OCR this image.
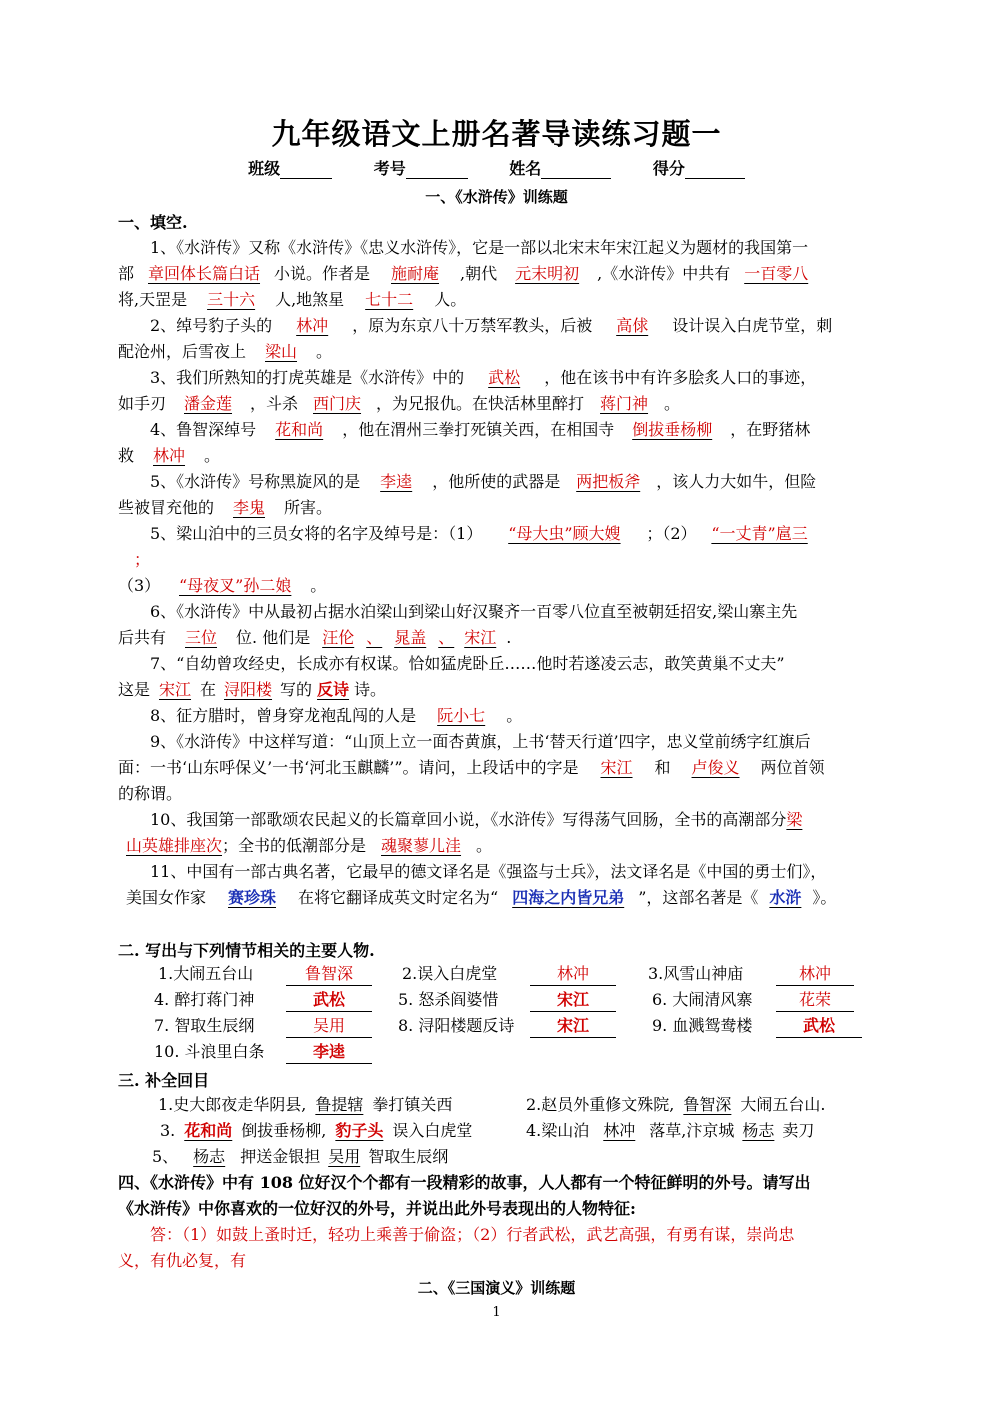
九年级语文上册名著导读练习题一
班级	考号	姓名	得分
一、《水浒传》训练题
一、填空.
1、《水浒传》又称《水浒传》《忠义水浒传》，它是一部以北宋末年宋江起义为题材的我国第一
部 章回体长篇白话 小说。作者是 施耐庵 ,朝代 元末明初 ,《水浒传》中共有 一百零八
将,天罡是 三十六 人,地煞星 七十二 人。
2、绰号豹子头的 林冲 ，原为东京八十万禁军教头，后被 高俅 设计误入白虎节堂，刺
配沧州，后雪夜上 梁山 。
3、我们所熟知的打虎英雄是《水浒传》中的 武松 ，他在该书中有许多脍炙人口的事迹，
如手刃 潘金莲 ，斗杀 西门庆 ，为兄报仇。在快活林里醉打 蒋门神 。
4、鲁智深绰号 花和尚 ，他在渭州三拳打死镇关西，在相国寺 倒拔垂杨柳 ，在野猪林
救 林冲 。
5、《水浒传》号称黑旋风的是 李逵 ，他所使的武器是 两把板斧 ，该人力大如牛，但险
些被冒充他的 李鬼 所害。
5、梁山泊中的三员女将的名字及绰号是：（1） “母大虫”顾大嫂 ；（2） “一丈青”扈三
；
（3） “母夜叉”孙二娘 。
6、《水浒传》中从最初占据水泊梁山到梁山好汉聚齐一百零八位直至被朝廷招安,梁山寨主先
后共有 三位 位. 他们是 汪伦 、 晁盖 、 宋江 .
7、“自幼曾攻经史，长成亦有权谋。恰如猛虎卧丘……他时若遂凌云志，敢笑黄巢不丈夫”
这是 宋江 在 浔阳楼 写的 反诗 诗。
8、征方腊时，曾身穿龙袍乱闯的人是 阮小七 。
9、《水浒传》中这样写道：“山顶上立一面杏黄旗，上书‘替天行道’四字，忠义堂前绣字红旗后
面：一书‘山东呼保义’一书‘河北玉麒麟’”。请问，上段话中的字是 宋江 和 卢俊义 两位首领
的称谓。
10、我国第一部歌颂农民起义的长篇章回小说，《水浒传》写得荡气回肠，全书的高潮部分梁
山英雄排座次；全书的低潮部分是 魂聚蓼儿洼 。
11、中国有一部古典名著，它最早的德文译名是《强盗与士兵》，法文译名是《中国的勇士们》，
美国女作家 赛珍珠 在将它翻译成英文时定名为“ 四海之内皆兄弟 ”，这部名著是《 水浒 》。
二. 写出与下列情节相关的主要人物.
1.大闹五台山	鲁智深	2.误入白虎堂	林冲	3.风雪山神庙	林冲
4. 醉打蒋门神	武松	5. 怒杀阎婆惜	宋江	6. 大闹清风寨	花荣
7. 智取生辰纲	吴用	8. 浔阳楼题反诗	宋江	9. 血溅鸳鸯楼	武松
10. 斗浪里白条	李逵
三. 补全回目
1.史大郎夜走华阴县, 鲁提辖 拳打镇关西	2.赵员外重修文殊院, 鲁智深 大闹五台山.
3. 花和尚 倒拔垂杨柳, 豹子头 误入白虎堂	4.梁山泊 林冲 落草,汴京城 杨志 卖刀
5、 杨志 押送金银担 吴用 智取生辰纲
四、《水浒传》中有 108 位好汉个个都有一段精彩的故事，人人都有一个特征鲜明的外号。请写出
《水浒传》中你喜欢的一位好汉的外号，并说出此外号表现出的人物特征:
答：（1）如鼓上蚤时迁，轻功上乘善于偷盗；（2）行者武松，武艺高强，有勇有谋，崇尚忠
义，有仇必复，有
二、《三国演义》训练题
1
